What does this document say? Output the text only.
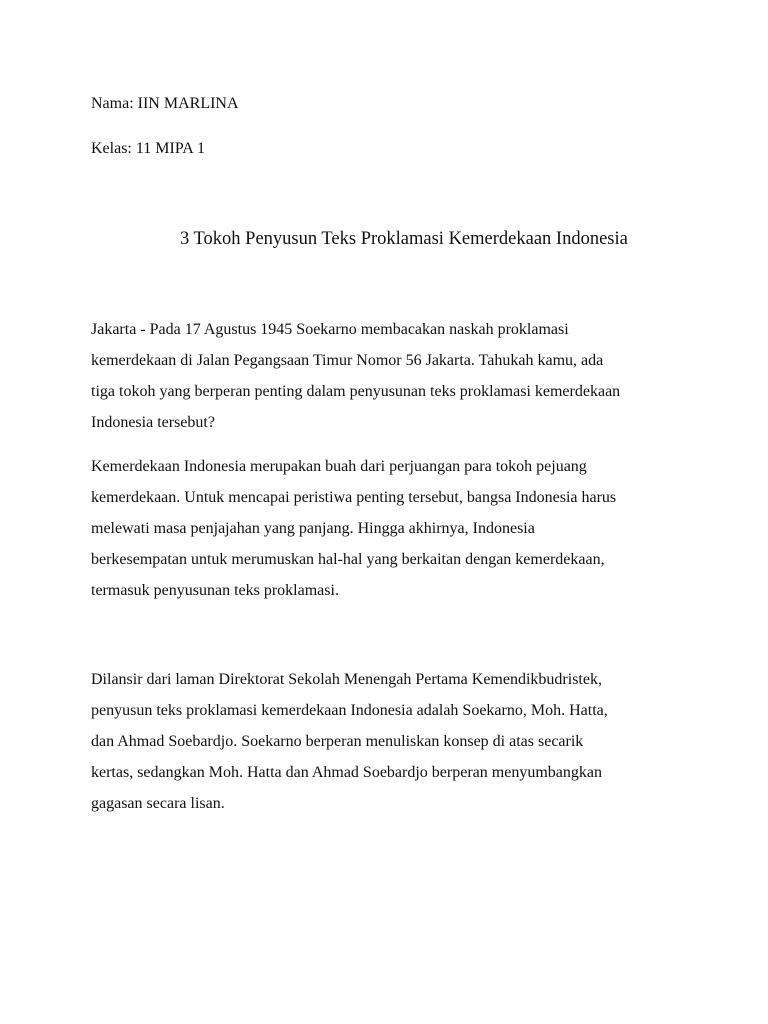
Nama: IIN MARLINA
Kelas: 11 MIPA 1
3 Tokoh Penyusun Teks Proklamasi Kemerdekaan Indonesia

Jakarta - Pada 17 Agustus 1945 Soekarno membacakan naskah proklamasi
kemerdekaan di Jalan Pegangsaan Timur Nomor 56 Jakarta. Tahukah kamu, ada
tiga tokoh yang berperan penting dalam penyusunan teks proklamasi kemerdekaan
Indonesia tersebut?

Kemerdekaan Indonesia merupakan buah dari perjuangan para tokoh pejuang
kemerdekaan. Untuk mencapai peristiwa penting tersebut, bangsa Indonesia harus
melewati masa penjajahan yang panjang. Hingga akhirnya, Indonesia
berkesempatan untuk merumuskan hal-hal yang berkaitan dengan kemerdekaan,
termasuk penyusunan teks proklamasi.

Dilansir dari laman Direktorat Sekolah Menengah Pertama Kemendikbudristek,
penyusun teks proklamasi kemerdekaan Indonesia adalah Soekarno, Moh. Hatta,
dan Ahmad Soebardjo. Soekarno berperan menuliskan konsep di atas secarik
kertas, sedangkan Moh. Hatta dan Ahmad Soebardjo berperan menyumbangkan
gagasan secara lisan.
